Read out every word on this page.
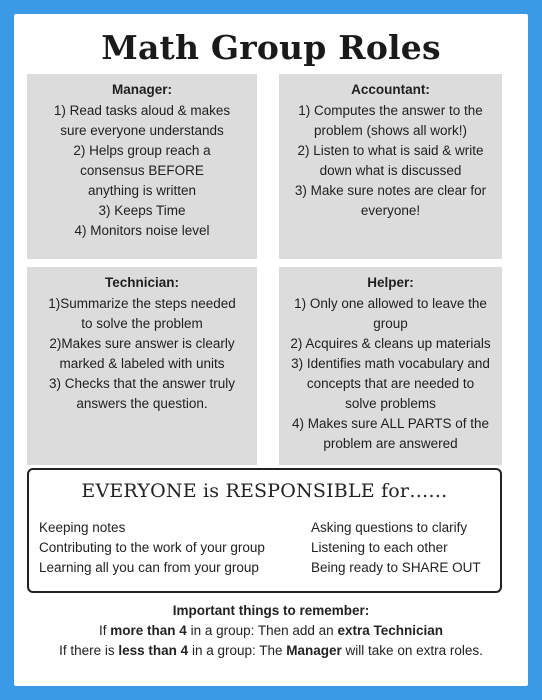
Math Group Roles
Manager:

1) Read tasks aloud & makes

sure everyone understands

2) Helps group reach a

consensus BEFORE

anything is written

3) Keeps Time

4) Monitors noise level

Accountant:

1) Computes the answer to the

problem (shows all work!)

2) Listen to what is said & write

down what is discussed

3) Make sure notes are clear for

everyone!

Technician:

1)Summarize the steps needed

to solve the problem

2)Makes sure answer is clearly

marked & labeled with units

3) Checks that the answer truly

answers the question.

Helper:

1) Only one allowed to leave the

group

2) Acquires & cleans up materials

3) Identifies math vocabulary and

concepts that are needed to

solve problems

4) Makes sure ALL PARTS of the

problem are answered

EVERYONE is RESPONSIBLE for……
Keeping notes
Contributing to the work of your group
Learning all you can from your group
Asking questions to clarify
Listening to each other
Being ready to SHARE OUT
Important things to remember:
If more than 4 in a group: Then add an extra Technician
If there is less than 4 in a group: The Manager will take on extra roles.
